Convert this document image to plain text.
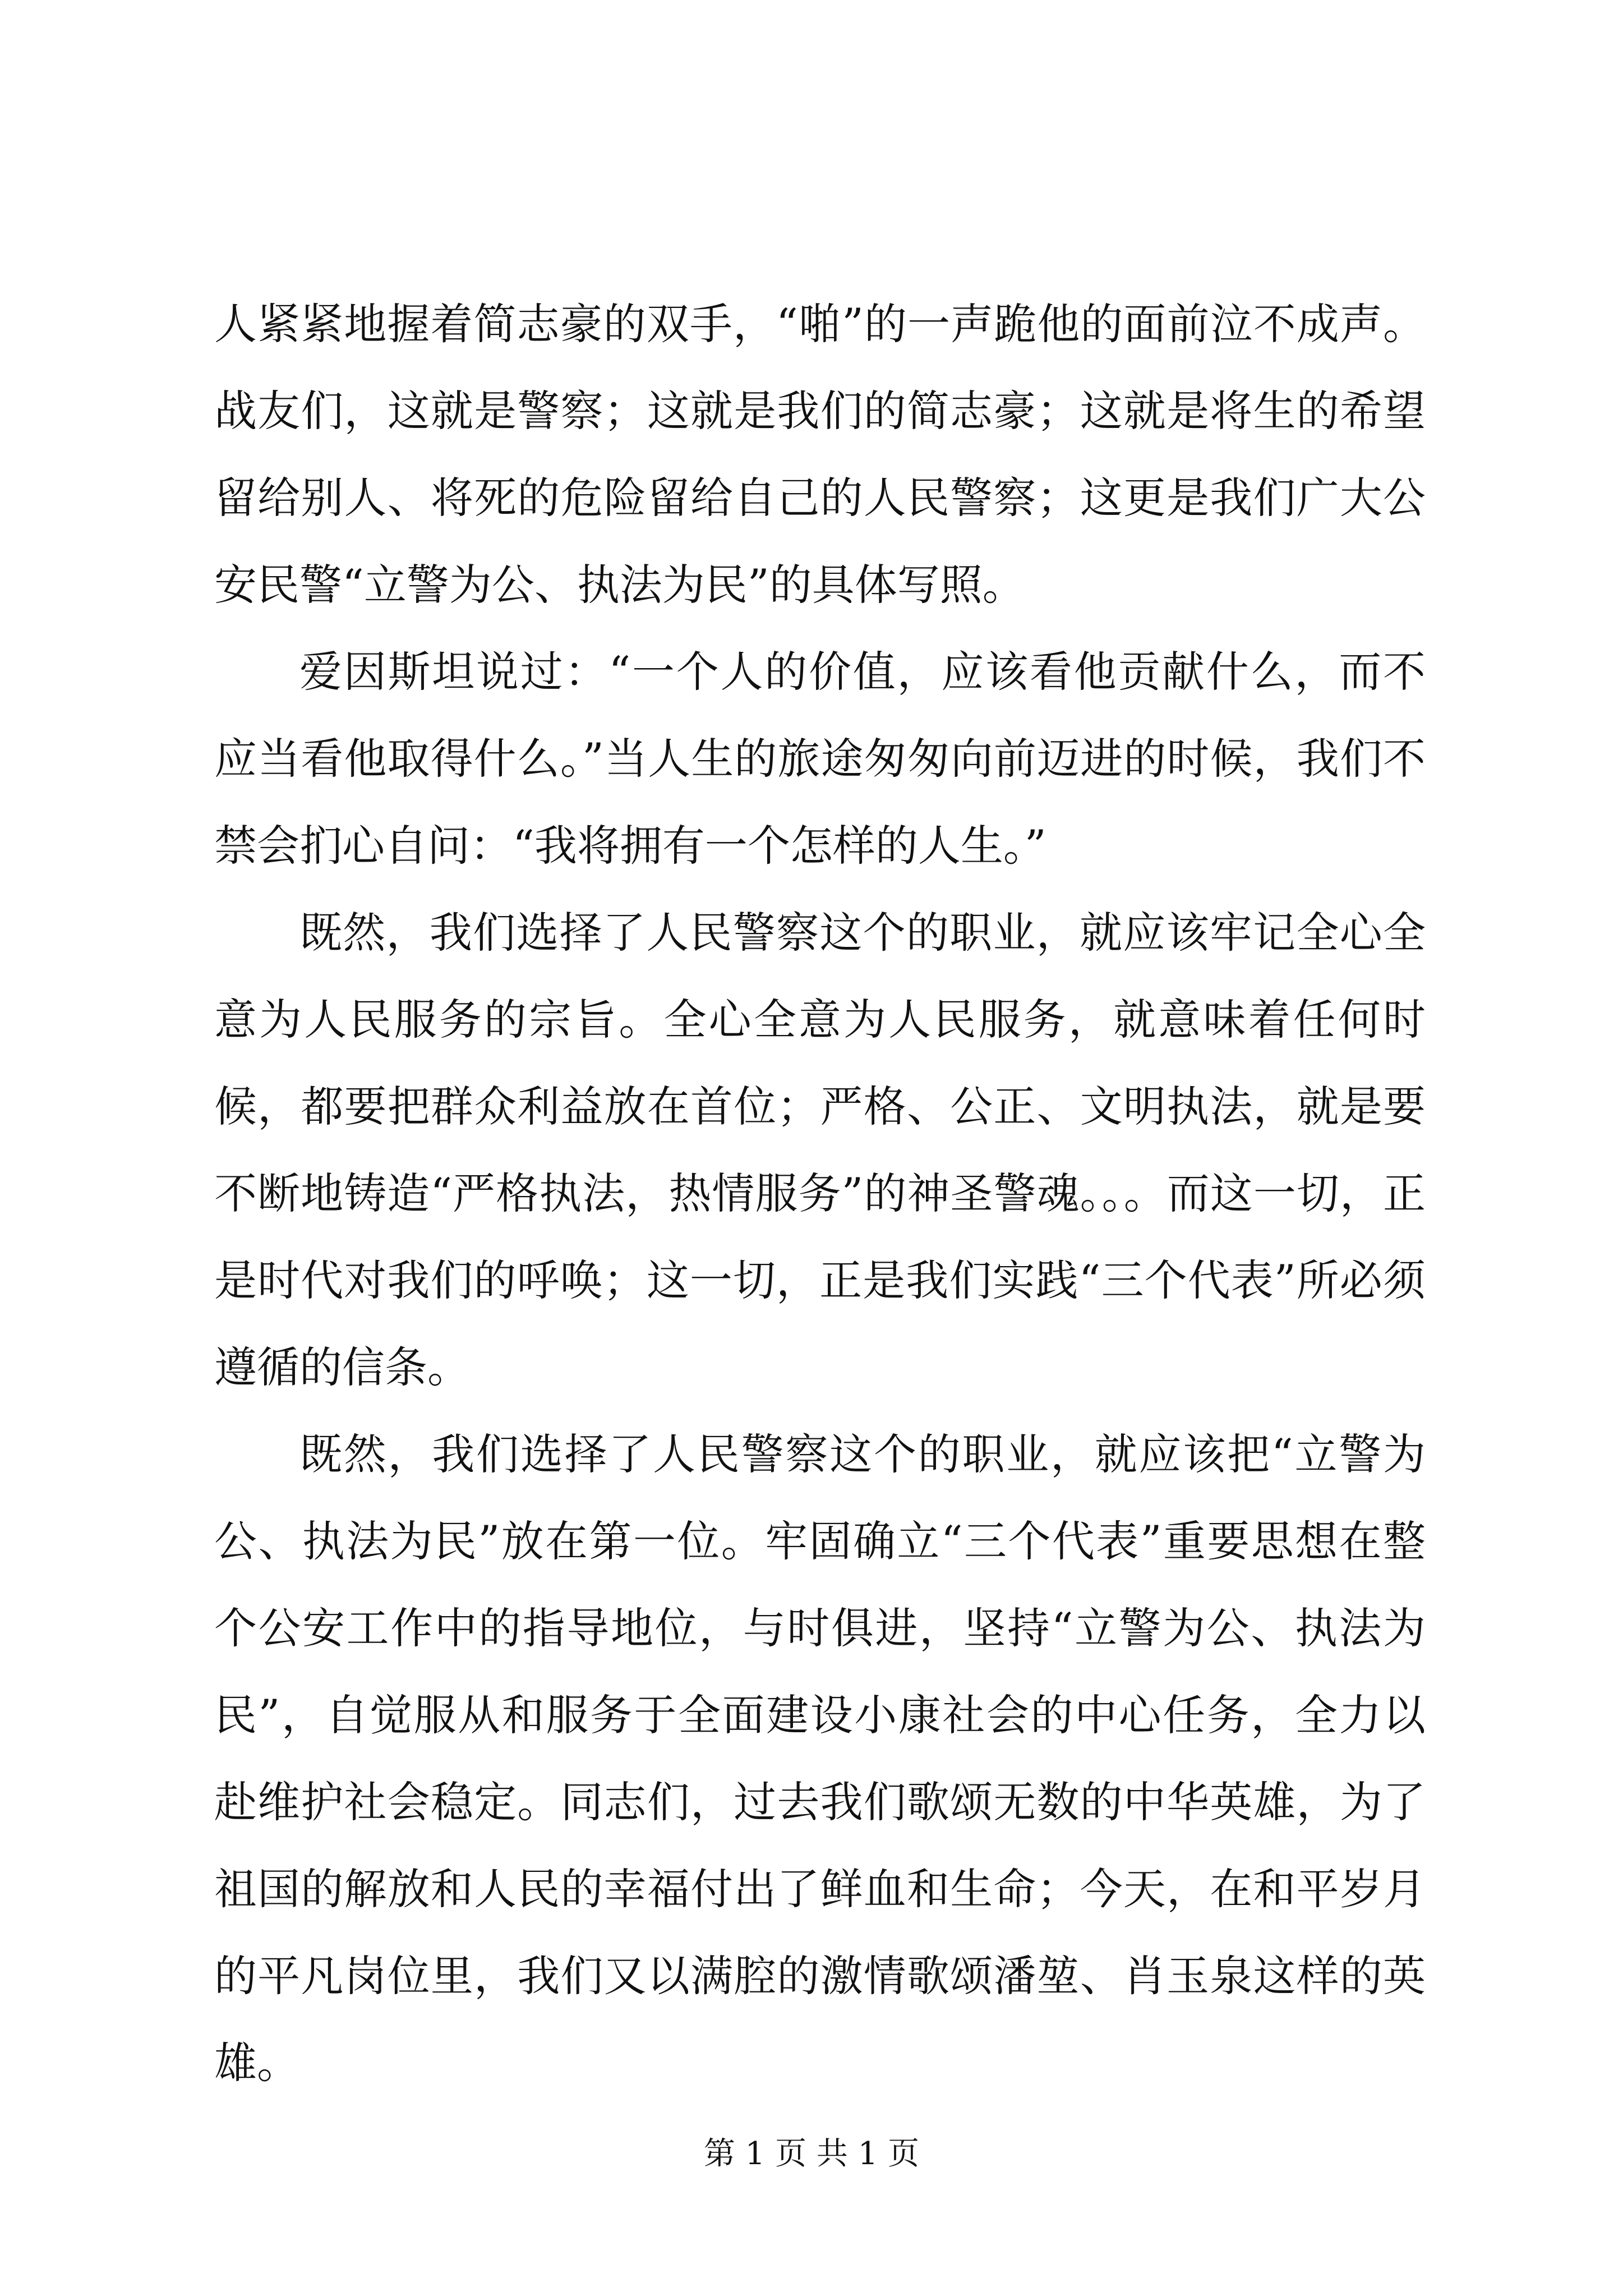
人紧紧地握着简志豪的双手，“啪”的一声跪他的面前泣不成声。战友们，这就是警察；这就是我们的简志豪；这就是将生的希望留给别人、将死的危险留给自己的人民警察；这更是我们广大公安民警“立警为公、执法为民”的具体写照。

爱因斯坦说过：“一个人的价值，应该看他贡献什么，而不应当看他取得什么。”当人生的旅途匆匆向前迈进的时候，我们不禁会扪心自问：“我将拥有一个怎样的人生。”

既然，我们选择了人民警察这个的职业，就应该牢记全心全意为人民服务的宗旨。全心全意为人民服务，就意味着任何时候，都要把群众利益放在首位；严格、公正、文明执法，就是要不断地铸造“严格执法，热情服务”的神圣警魂。。。而这一切，正是时代对我们的呼唤；这一切，正是我们实践“三个代表”所必须遵循的信条。

既然，我们选择了人民警察这个的职业，就应该把“立警为公、执法为民”放在第一位。牢固确立“三个代表”重要思想在整个公安工作中的指导地位，与时俱进，坚持“立警为公、执法为民”，自觉服从和服务于全面建设小康社会的中心任务，全力以赴维护社会稳定。同志们，过去我们歌颂无数的中华英雄，为了祖国的解放和人民的幸福付出了鲜血和生命；今天，在和平岁月的平凡岗位里，我们又以满腔的激情歌颂潘堃、肖玉泉这样的英雄。

第 1 页 共 1 页
